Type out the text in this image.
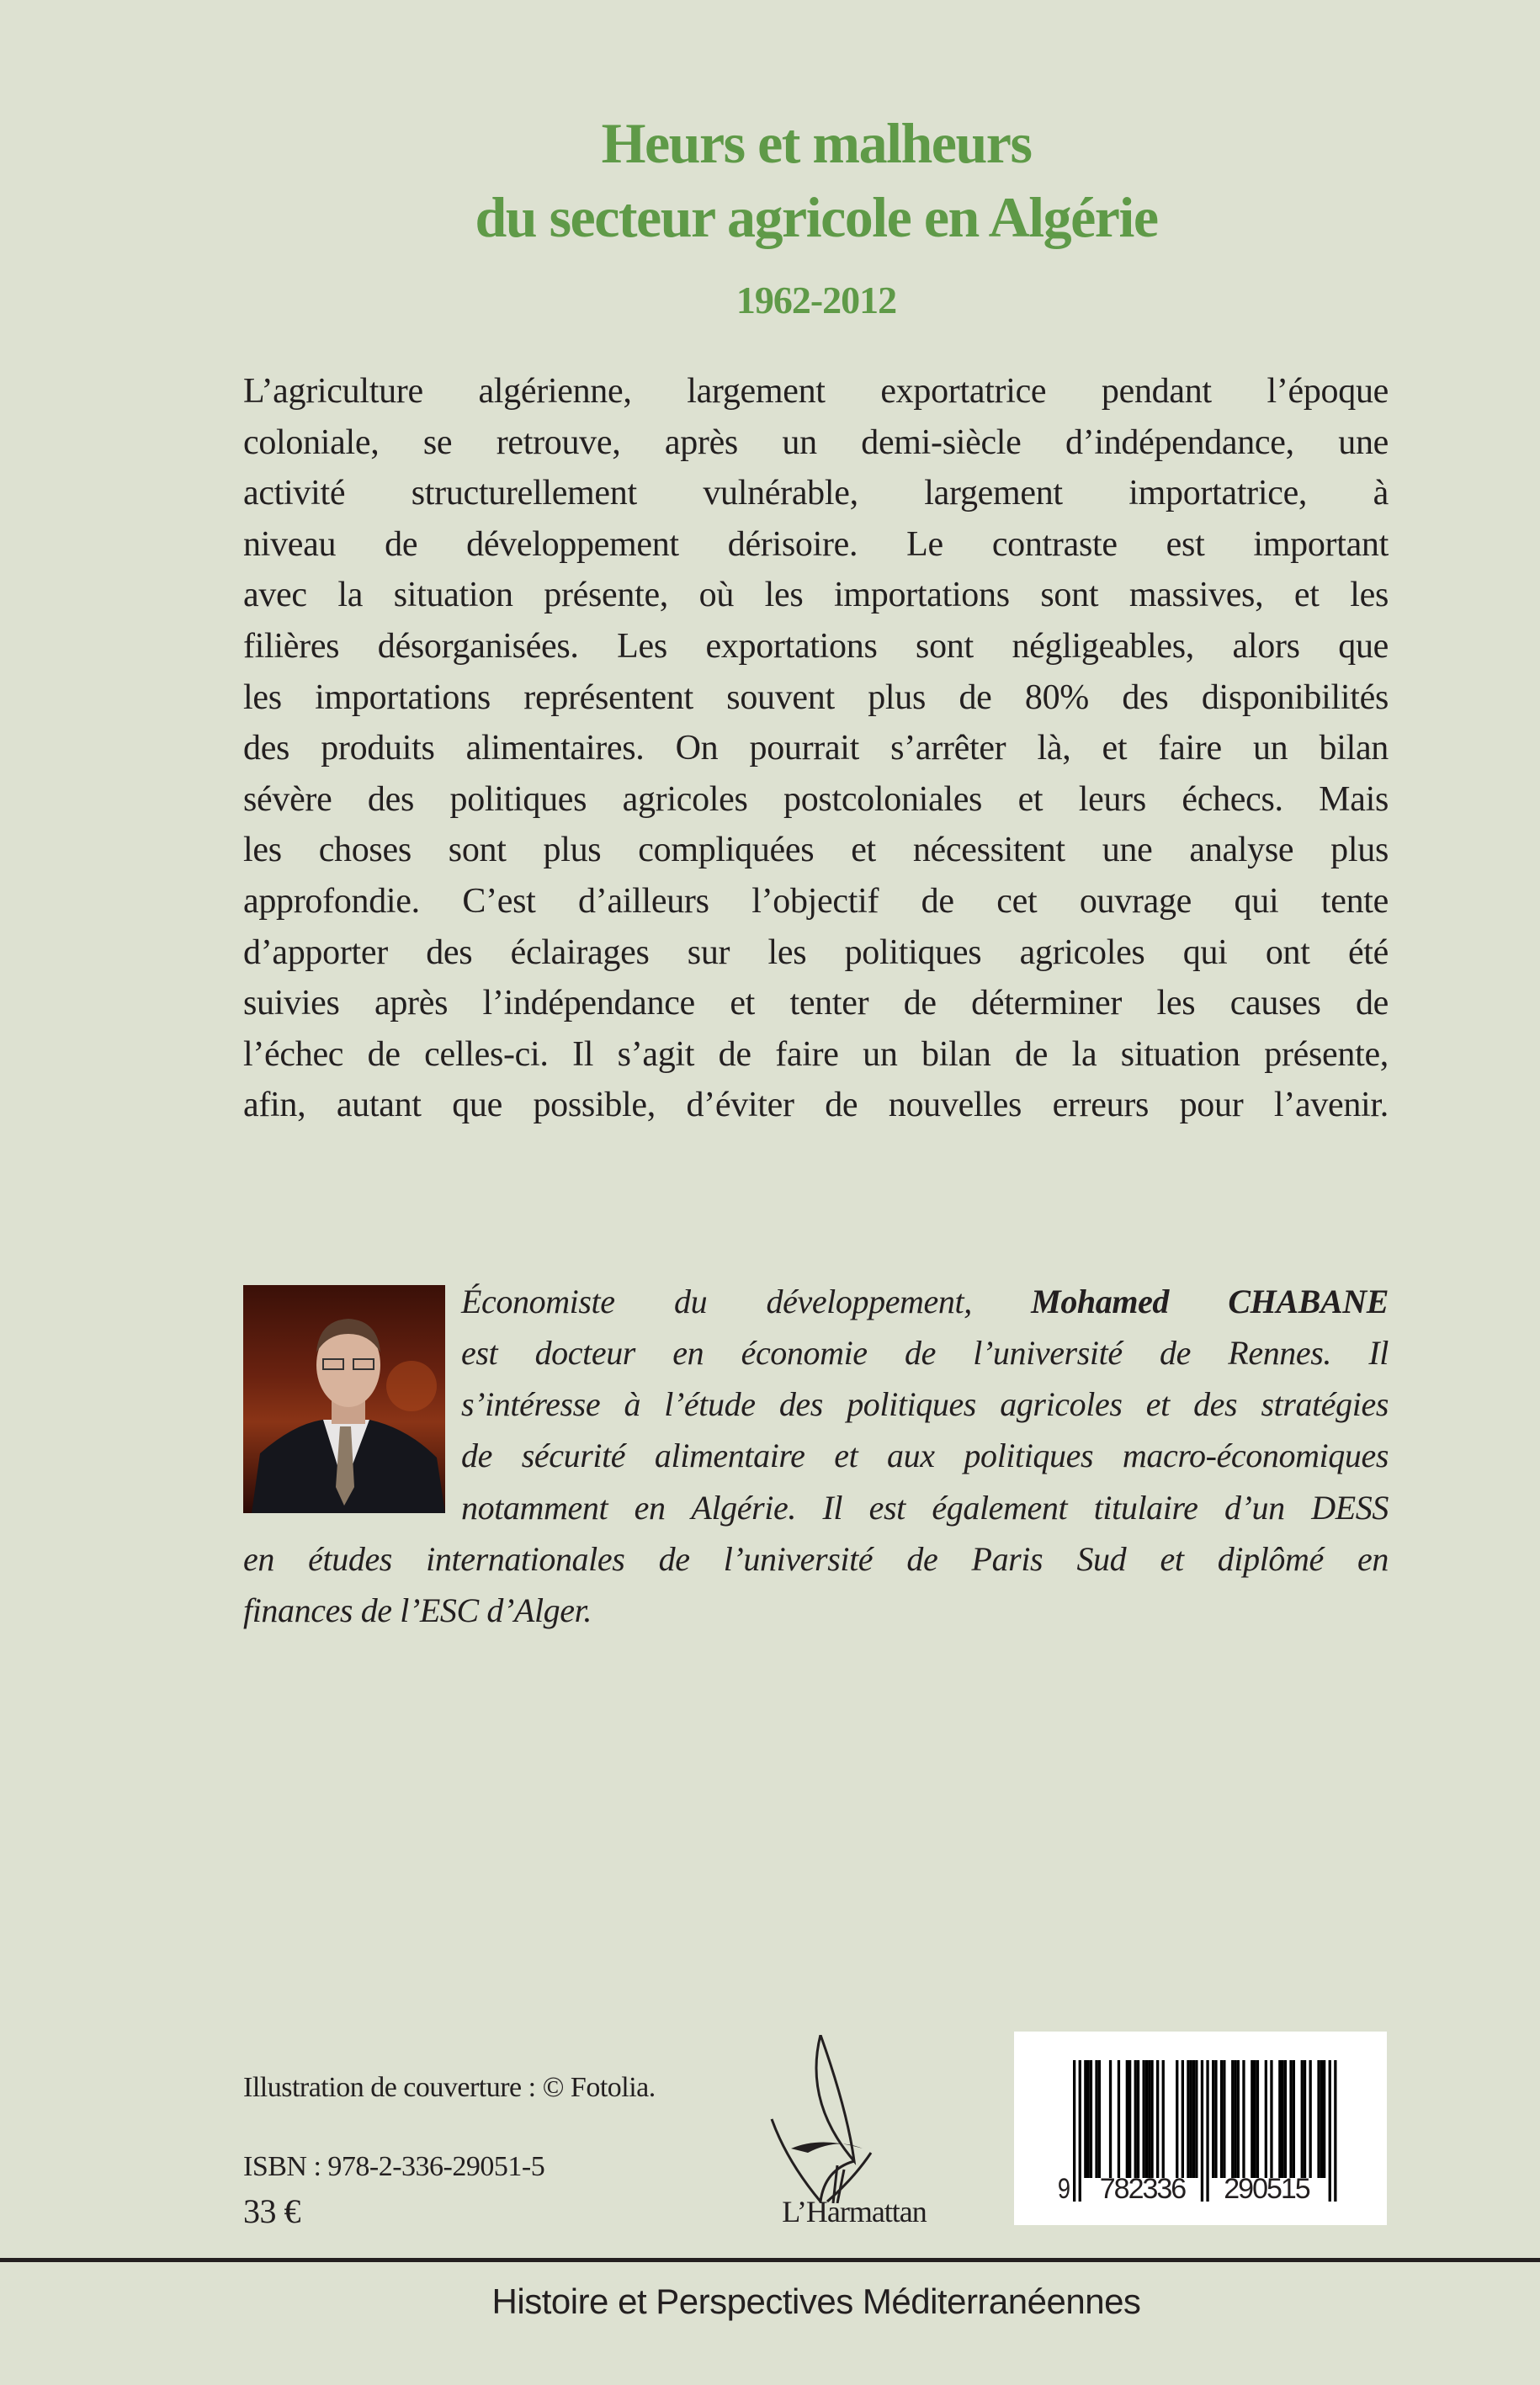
Heurs et malheurs
du secteur agricole en Algérie
1962-2012
L’agriculture algérienne, largement exportatrice pendant l’époque
coloniale, se retrouve, après un demi-siècle d’indépendance, une
activité structurellement vulnérable, largement importatrice, à
niveau de développement dérisoire. Le contraste est important
avec la situation présente, où les importations sont massives, et les
filières désorganisées. Les exportations sont négligeables, alors que
les importations représentent souvent plus de 80% des disponibilités
des produits alimentaires. On pourrait s’arrêter là, et faire un bilan
sévère des politiques agricoles postcoloniales et leurs échecs. Mais
les choses sont plus compliquées et nécessitent une analyse plus
approfondie. C’est d’ailleurs l’objectif de cet ouvrage qui tente
d’apporter des éclairages sur les politiques agricoles qui ont été
suivies après l’indépendance et tenter de déterminer les causes de
l’échec de celles-ci. Il s’agit de faire un bilan de la situation présente,
afin, autant que possible, d’éviter de nouvelles erreurs pour l’avenir.
Économiste du développement, Mohamed CHABANE
est docteur en économie de l’université de Rennes. Il
s’intéresse à l’étude des politiques agricoles et des stratégies
de sécurité alimentaire et aux politiques macro-économiques
notamment en Algérie. Il est également titulaire d’un DESS
en études internationales de l’université de Paris Sud et diplômé en
finances de l’ESC d’Alger.
Illustration de couverture : © Fotolia.
ISBN : 978-2-336-29051-5
33 €	L’Harmattan
9	782336	290515
Histoire et Perspectives Méditerranéennes
